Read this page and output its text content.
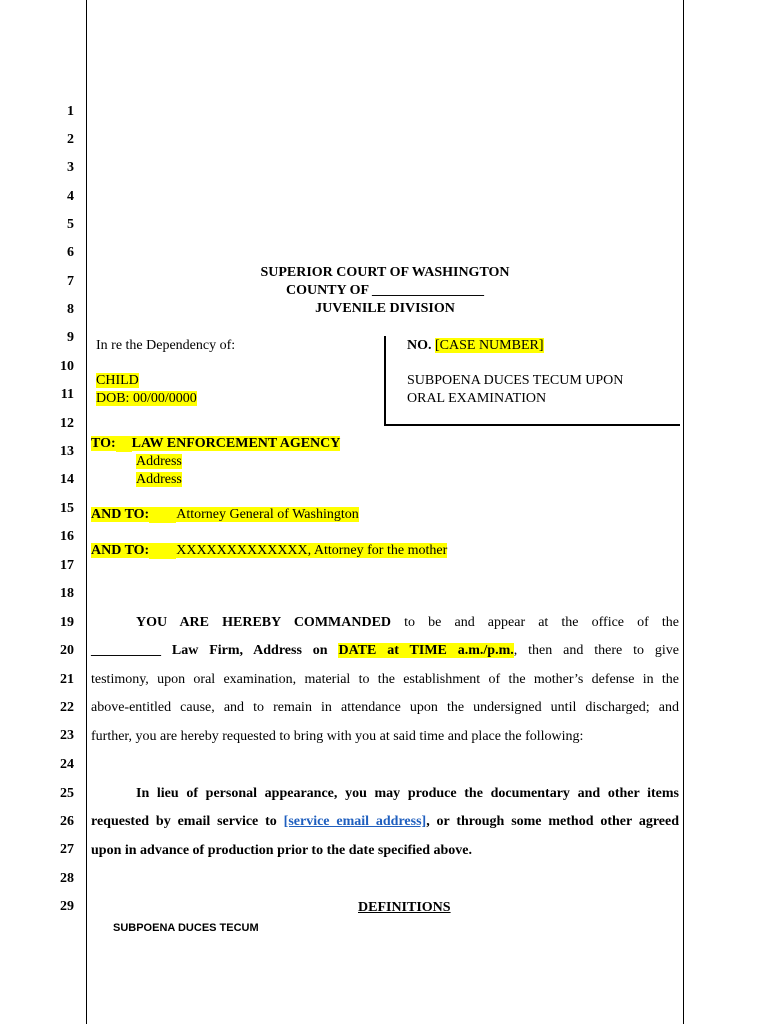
1
2
3
4
5
6
7
8
9
10
11
12
13
14
15
16
17
18
19
20
21
22
23
24
25
26
27
28
29
SUPERIOR COURT OF WASHINGTON
COUNTY OF ________________
JUVENILE DIVISION
In re the Dependency of:
CHILD
DOB: 00/00/0000
NO. [CASE NUMBER]
SUBPOENA DUCES TECUM UPON
ORAL EXAMINATION
TO: LAW ENFORCEMENT AGENCY
Address
Address
AND TO: Attorney General of Washington
AND TO: XXXXXXXXXXXXX, Attorney for the mother
YOU ARE HEREBY COMMANDED to be and appear at the office of the
__________ Law Firm, Address on DATE at TIME a.m./p.m., then and there to give
testimony, upon oral examination, material to the establishment of the mother’s defense in the
above-entitled cause, and to remain in attendance upon the undersigned until discharged; and
further, you are hereby requested to bring with you at said time and place the following:
In lieu of personal appearance, you may produce the documentary and other items
requested by email service to [service email address], or through some method other agreed
upon in advance of production prior to the date specified above.
DEFINITIONS
SUBPOENA DUCES TECUM
